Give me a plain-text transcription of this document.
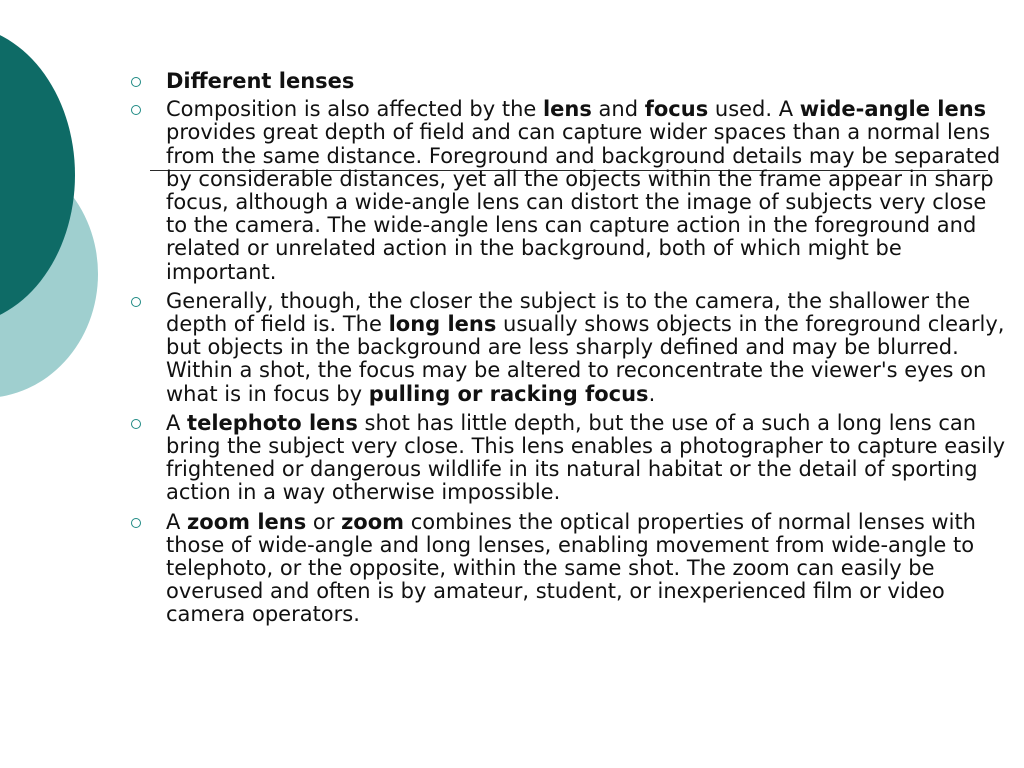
Different lenses
Composition is also affected by the lens and focus used. A wide-angle lens provides great depth of field and can capture wider spaces than a normal lens from the same distance. Foreground and background details may be separated by considerable distances, yet all the objects within the frame appear in sharp focus, although a wide-angle lens can distort the image of subjects very close to the camera. The wide-angle lens can capture action in the foreground and related or unrelated action in the background, both of which might be important.
Generally, though, the closer the subject is to the camera, the shallower the depth of field is. The long lens usually shows objects in the foreground clearly, but objects in the background are less sharply defined and may be blurred. Within a shot, the focus may be altered to reconcentrate the viewer's eyes on what is in focus by pulling or racking focus.
A telephoto lens shot has little depth, but the use of a such a long lens can bring the subject very close. This lens enables a photographer to capture easily frightened or dangerous wildlife in its natural habitat or the detail of sporting action in a way otherwise impossible.
A zoom lens or zoom combines the optical properties of normal lenses with those of wide-angle and long lenses, enabling movement from wide-angle to telephoto, or the opposite, within the same shot. The zoom can easily be overused and often is by amateur, student, or inexperienced film or video camera operators.
